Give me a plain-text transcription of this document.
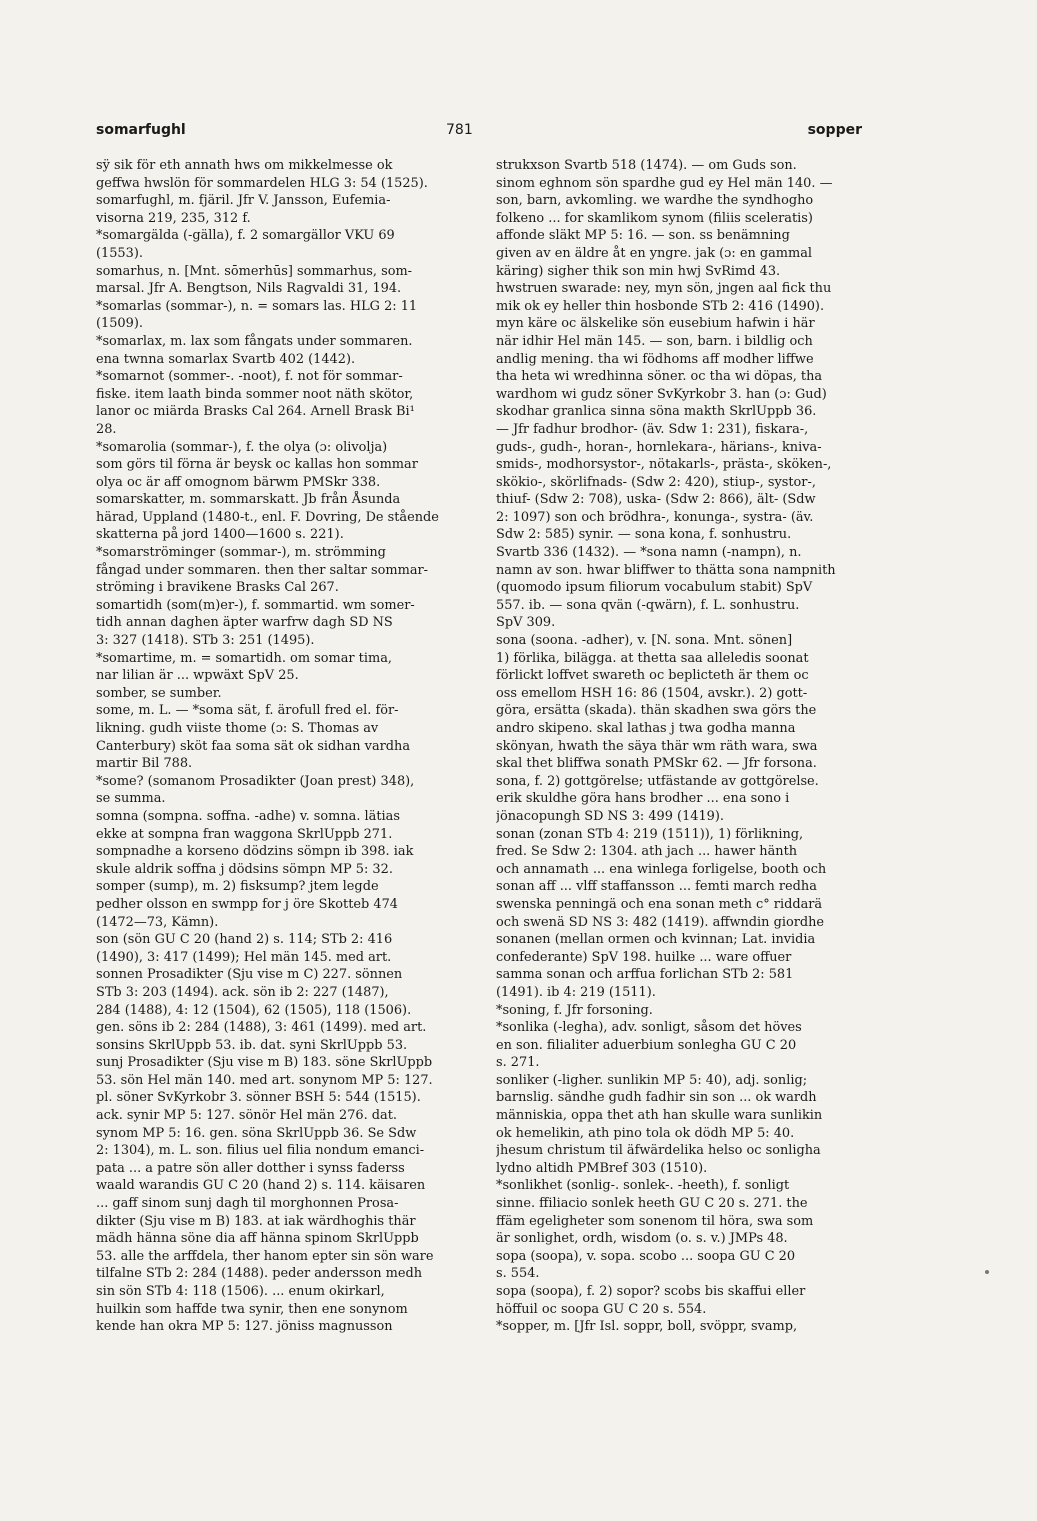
somarfughl	781	sopper
sÿ sik för eth annath hws om mikkelmesse ok
geffwa hwslön för sommardelen HLG 3: 54 (1525).
somarfughl, m. fjäril. Jfr V. Jansson, Eufemia-
visorna 219, 235, 312 f.
*somargälda (-gälla), f. 2 somargällor VKU 69
(1553).
somarhus, n. [Mnt. sōmerhūs] sommarhus, som-
marsal. Jfr A. Bengtson, Nils Ragvaldi 31, 194.
*somarlas (sommar-), n. = somars las. HLG 2: 11
(1509).
*somarlax, m. lax som fångats under sommaren.
ena twnna somarlax Svartb 402 (1442).
*somarnot (sommer-. -noot), f. not för sommar-
fiske. item laath binda sommer noot näth skötor,
lanor oc miärda Brasks Cal 264. Arnell Brask Bi¹
28.
*somarolia (sommar-), f. the olya (ɔ: olivolja)
som görs til förna är beysk oc kallas hon sommar
olya oc är aff omognom bärwm PMSkr 338.
somarskatter, m. sommarskatt. Jb från Åsunda
härad, Uppland (1480-t., enl. F. Dovring, De stående
skatterna på jord 1400—1600 s. 221).
*somarströminger (sommar-), m. strömming
fångad under sommaren. then ther saltar sommar-
ströming i bravikene Brasks Cal 267.
somartidh (som(m)er-), f. sommartid. wm somer-
tidh annan daghen äpter warfrw dagh SD NS
3: 327 (1418). STb 3: 251 (1495).
*somartime, m. = somartidh. om somar tima,
nar lilian är ... wpwäxt SpV 25.
somber, se sumber.
some, m. L. — *soma sät, f. ärofull fred el. för-
likning. gudh viiste thome (ɔ: S. Thomas av
Canterbury) sköt faa soma sät ok sidhan vardha
martir Bil 788.
*some? (somanom Prosadikter (Joan prest) 348),
se summa.
somna (sompna. soffna. -adhe) v. somna. lätias
ekke at sompna fran waggona SkrlUppb 271.
sompnadhe a korseno dödzins sömpn ib 398. iak
skule aldrik soffna j dödsins sömpn MP 5: 32.
somper (sump), m. 2) fisksump? jtem legde
pedher olsson en swmpp for j öre Skotteb 474
(1472—73, Kämn).
son (sön GU C 20 (hand 2) s. 114; STb 2: 416
(1490), 3: 417 (1499); Hel män 145. med art.
sonnen Prosadikter (Sju vise m C) 227. sönnen
STb 3: 203 (1494). ack. sön ib 2: 227 (1487),
284 (1488), 4: 12 (1504), 62 (1505), 118 (1506).
gen. söns ib 2: 284 (1488), 3: 461 (1499). med art.
sonsins SkrlUppb 53. ib. dat. syni SkrlUppb 53.
sunj Prosadikter (Sju vise m B) 183. söne SkrlUppb
53. sön Hel män 140. med art. sonynom MP 5: 127.
pl. söner SvKyrkobr 3. sönner BSH 5: 544 (1515).
ack. synir MP 5: 127. sönör Hel män 276. dat.
synom MP 5: 16. gen. söna SkrlUppb 36. Se Sdw
2: 1304), m. L. son. filius uel filia nondum emanci-
pata ... a patre sön aller dotther i synss faderss
waald warandis GU C 20 (hand 2) s. 114. käisaren
... gaff sinom sunj dagh til morghonnen Prosa-
dikter (Sju vise m B) 183. at iak wärdhoghis thär
mädh hänna söne dia aff hänna spinom SkrlUppb
53. alle the arffdela, ther hanom epter sin sön ware
tilfalne STb 2: 284 (1488). peder andersson medh
sin sön STb 4: 118 (1506). ... enum okirkarl,
huilkin som haffde twa synir, then ene sonynom
kende han okra MP 5: 127. jöniss magnusson
strukxson Svartb 518 (1474). — om Guds son.
sinom eghnom sön spardhe gud ey Hel män 140. —
son, barn, avkomling. we wardhe the syndhogho
folkeno ... for skamlikom synom (filiis sceleratis)
affonde släkt MP 5: 16. — son. ss benämning
given av en äldre åt en yngre. jak (ɔ: en gammal
käring) sigher thik son min hwj SvRimd 43.
hwstruen swarade: ney, myn sön, jngen aal fick thu
mik ok ey heller thin hosbonde STb 2: 416 (1490).
myn käre oc älskelike sön eusebium hafwin i här
när idhir Hel män 145. — son, barn. i bildlig och
andlig mening. tha wi födhoms aff modher liffwe
tha heta wi wredhinna söner. oc tha wi döpas, tha
wardhom wi gudz söner SvKyrkobr 3. han (ɔ: Gud)
skodhar granlica sinna söna makth SkrlUppb 36.
— Jfr fadhur brodhor- (äv. Sdw 1: 231), fiskara-,
guds-, gudh-, horan-, hornlekara-, härians-, kniva-
smids-, modhorsystor-, nötakarls-, prästa-, sköken-,
skökio-, skörlifnads- (Sdw 2: 420), stiup-, systor-,
thiuf- (Sdw 2: 708), uska- (Sdw 2: 866), ält- (Sdw
2: 1097) son och brödhra-, konunga-, systra- (äv.
Sdw 2: 585) synir. — sona kona, f. sonhustru.
Svartb 336 (1432). — *sona namn (-nampn), n.
namn av son. hwar bliffwer to thätta sona nampnith
(quomodo ipsum filiorum vocabulum stabit) SpV
557. ib. — sona qvän (-qwärn), f. L. sonhustru.
SpV 309.
sona (soona. -adher), v. [N. sona. Mnt. sönen]
1) förlika, bilägga. at thetta saa alleledis soonat
förlickt loffvet swareth oc beplicteth är them oc
oss emellom HSH 16: 86 (1504, avskr.). 2) gott-
göra, ersätta (skada). thän skadhen swa görs the
andro skipeno. skal lathas j twa godha manna
skönyan, hwath the säya thär wm räth wara, swa
skal thet bliffwa sonath PMSkr 62. — Jfr forsona.
sona, f. 2) gottgörelse; utfästande av gottgörelse.
erik skuldhe göra hans brodher ... ena sono i
jönacopungh SD NS 3: 499 (1419).
sonan (zonan STb 4: 219 (1511)), 1) förlikning,
fred. Se Sdw 2: 1304. ath jach ... hawer hänth
och annamath ... ena winlega forligelse, booth och
sonan aff ... vlff staffansson ... femti march redha
swenska penningä och ena sonan meth c° riddarä
och swenä SD NS 3: 482 (1419). affwndin giordhe
sonanen (mellan ormen och kvinnan; Lat. invidia
confederante) SpV 198. huilke ... ware offuer
samma sonan och arffua forlichan STb 2: 581
(1491). ib 4: 219 (1511).
*soning, f. Jfr forsoning.
*sonlika (-legha), adv. sonligt, såsom det höves
en son. filialiter aduerbium sonlegha GU C 20
s. 271.
sonliker (-ligher. sunlikin MP 5: 40), adj. sonlig;
barnslig. sändhe gudh fadhir sin son ... ok wardh
människia, oppa thet ath han skulle wara sunlikin
ok hemelikin, ath pino tola ok dödh MP 5: 40.
jhesum christum til äfwärdelika helso oc sonligha
lydno altidh PMBref 303 (1510).
*sonlikhet (sonlig-. sonlek-. -heeth), f. sonligt
sinne. ffiliacio sonlek heeth GU C 20 s. 271. the
ffäm egeligheter som sonenom til höra, swa som
är sonlighet, ordh, wisdom (o. s. v.) JMPs 48.
sopa (soopa), v. sopa. scobo ... soopa GU C 20
s. 554.
sopa (soopa), f. 2) sopor? scobs bis skaffui eller
höffuil oc soopa GU C 20 s. 554.
*sopper, m. [Jfr Isl. soppr, boll, svöppr, svamp,
